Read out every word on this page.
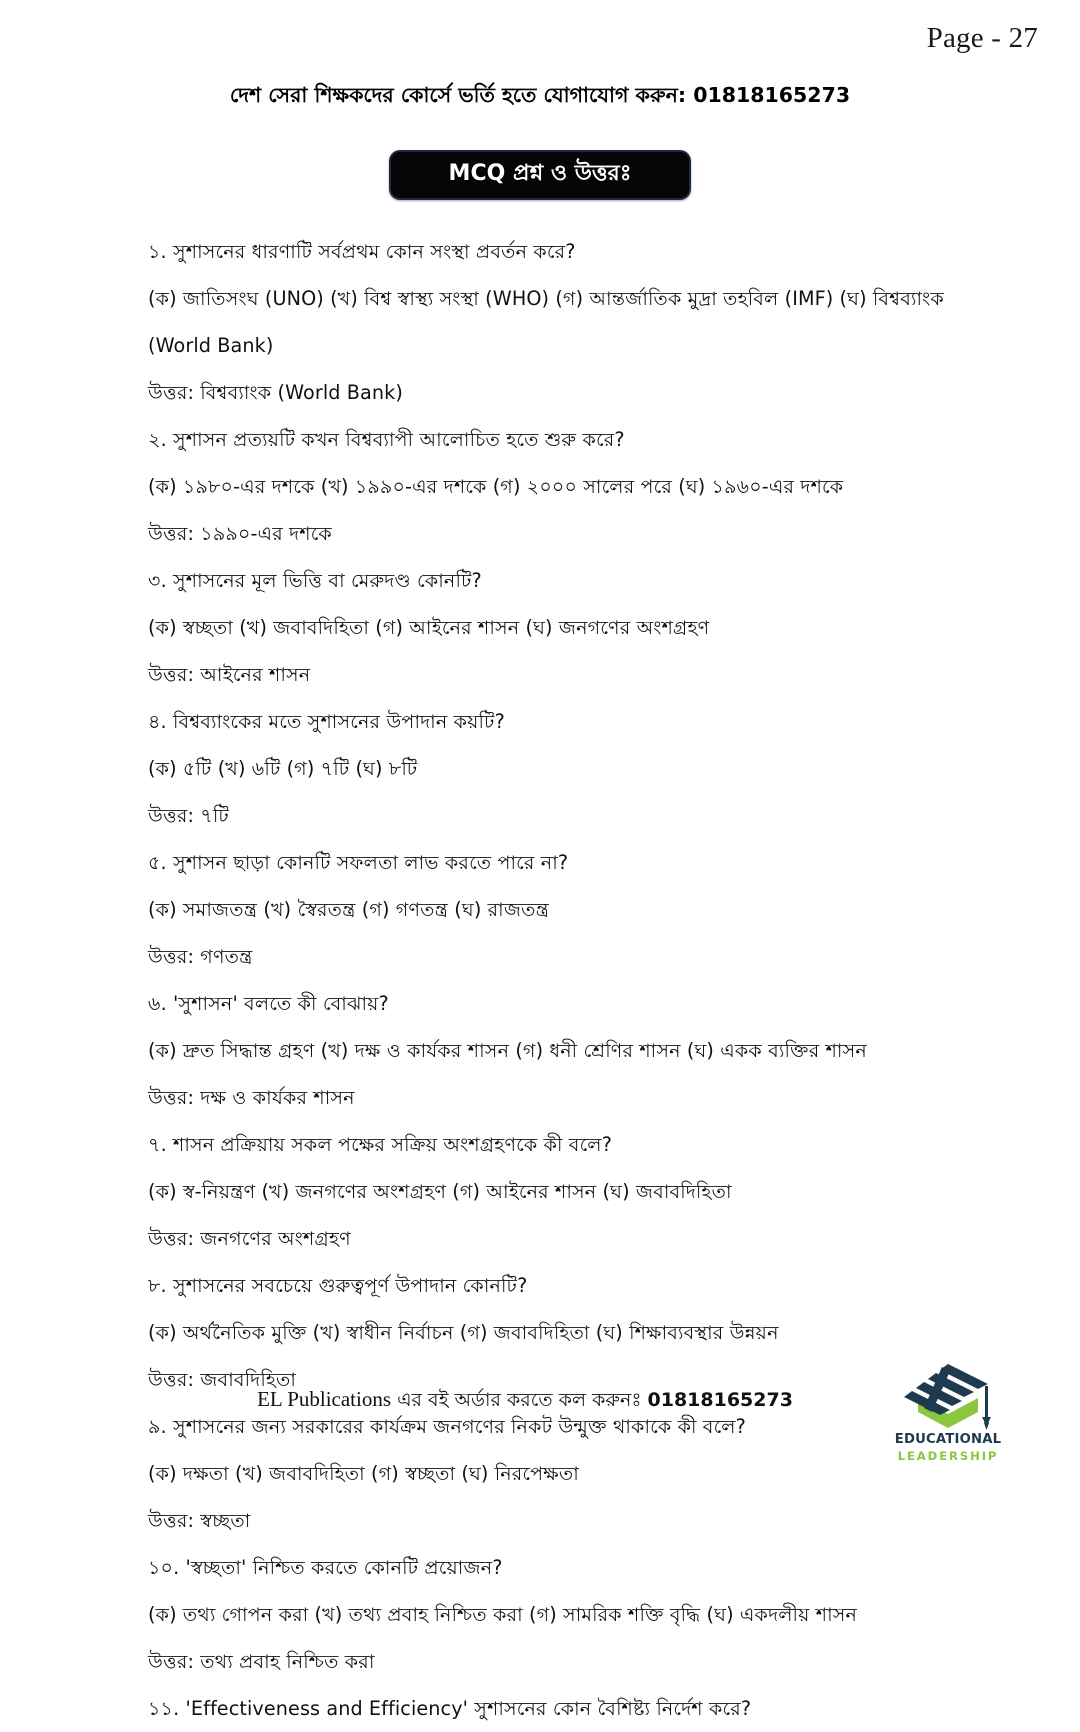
Page - 27
দেশ সেরা শিক্ষকদের কোর্সে ভর্তি হতে যোগাযোগ করুন: 01818165273
MCQ প্রশ্ন ও উত্তরঃ
১. সুশাসনের ধারণাটি সর্বপ্রথম কোন সংস্থা প্রবর্তন করে?
(ক) জাতিসংঘ (UNO) (খ) বিশ্ব স্বাস্থ্য সংস্থা (WHO) (গ) আন্তর্জাতিক মুদ্রা তহবিল (IMF) (ঘ) বিশ্বব্যাংক (World Bank)
উত্তর: বিশ্বব্যাংক (World Bank)
২. সুশাসন প্রত্যয়টি কখন বিশ্বব্যাপী আলোচিত হতে শুরু করে?
(ক) ১৯৮০-এর দশকে (খ) ১৯৯০-এর দশকে (গ) ২০০০ সালের পরে (ঘ) ১৯৬০-এর দশকে
উত্তর: ১৯৯০-এর দশকে
৩. সুশাসনের মূল ভিত্তি বা মেরুদণ্ড কোনটি?
(ক) স্বচ্ছতা (খ) জবাবদিহিতা (গ) আইনের শাসন (ঘ) জনগণের অংশগ্রহণ
উত্তর: আইনের শাসন
৪. বিশ্বব্যাংকের মতে সুশাসনের উপাদান কয়টি?
(ক) ৫টি (খ) ৬টি (গ) ৭টি (ঘ) ৮টি
উত্তর: ৭টি
৫. সুশাসন ছাড়া কোনটি সফলতা লাভ করতে পারে না?
(ক) সমাজতন্ত্র (খ) স্বৈরতন্ত্র (গ) গণতন্ত্র (ঘ) রাজতন্ত্র
উত্তর: গণতন্ত্র
৬. 'সুশাসন' বলতে কী বোঝায়?
(ক) দ্রুত সিদ্ধান্ত গ্রহণ (খ) দক্ষ ও কার্যকর শাসন (গ) ধনী শ্রেণির শাসন (ঘ) একক ব্যক্তির শাসন
উত্তর: দক্ষ ও কার্যকর শাসন
৭. শাসন প্রক্রিয়ায় সকল পক্ষের সক্রিয় অংশগ্রহণকে কী বলে?
(ক) স্ব-নিয়ন্ত্রণ (খ) জনগণের অংশগ্রহণ (গ) আইনের শাসন (ঘ) জবাবদিহিতা
উত্তর: জনগণের অংশগ্রহণ
৮. সুশাসনের সবচেয়ে গুরুত্বপূর্ণ উপাদান কোনটি?
(ক) অর্থনৈতিক মুক্তি (খ) স্বাধীন নির্বাচন (গ) জবাবদিহিতা (ঘ) শিক্ষাব্যবস্থার উন্নয়ন
উত্তর: জবাবদিহিতা
৯. সুশাসনের জন্য সরকারের কার্যক্রম জনগণের নিকট উন্মুক্ত থাকাকে কী বলে?
(ক) দক্ষতা (খ) জবাবদিহিতা (গ) স্বচ্ছতা (ঘ) নিরপেক্ষতা
উত্তর: স্বচ্ছতা
১০. 'স্বচ্ছতা' নিশ্চিত করতে কোনটি প্রয়োজন?
(ক) তথ্য গোপন করা (খ) তথ্য প্রবাহ নিশ্চিত করা (গ) সামরিক শক্তি বৃদ্ধি (ঘ) একদলীয় শাসন
উত্তর: তথ্য প্রবাহ নিশ্চিত করা
১১. 'Effectiveness and Efficiency' সুশাসনের কোন বৈশিষ্ট্য নির্দেশ করে?
EL Publications এর বই অর্ডার করতে কল করুনঃ 01818165273
EDUCATIONAL
LEADERSHIP
